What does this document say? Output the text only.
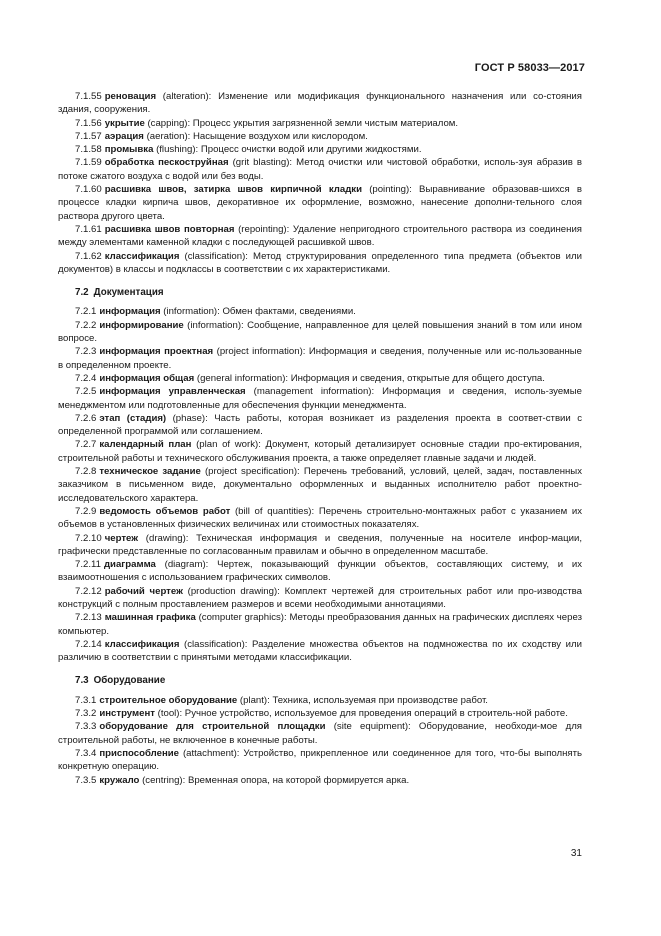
ГОСТ Р 58033—2017

7.1.55 реновация (alteration): Изменение или модификация функционального назначения или со-стояния здания, сооружения.

7.1.56 укрытие (capping): Процесс укрытия загрязненной земли чистым материалом.

7.1.57 аэрация (aeration): Насыщение воздухом или кислородом.

7.1.58 промывка (flushing): Процесс очистки водой или другими жидкостями.

7.1.59 обработка пескоструйная (grit blasting): Метод очистки или чистовой обработки, исполь-зуя абразив в потоке сжатого воздуха с водой или без воды.

7.1.60 расшивка швов, затирка швов кирпичной кладки (pointing): Выравнивание образовав-шихся в процессе кладки кирпича швов, декоративное их оформление, возможно, нанесение дополни-тельного слоя раствора другого цвета.

7.1.61 расшивка швов повторная (repointing): Удаление непригодного строительного раствора из соединения между элементами каменной кладки с последующей расшивкой швов.

7.1.62 классификация (classification): Метод структурирования определенного типа предмета (объектов или документов) в классы и подклассы в соответствии с их характеристиками.

7.2 Документация

7.2.1 информация (information): Обмен фактами, сведениями.

7.2.2 информирование (information): Сообщение, направленное для целей повышения знаний в том или ином вопросе.

7.2.3 информация проектная (project information): Информация и сведения, полученные или ис-пользованные в определенном проекте.

7.2.4 информация общая (general information): Информация и сведения, открытые для общего доступа.

7.2.5 информация управленческая (management information): Информация и сведения, исполь-зуемые менеджментом или подготовленные для обеспечения функции менеджмента.

7.2.6 этап (стадия) (phase): Часть работы, которая возникает из разделения проекта в соответ-ствии с определенной программой или соглашением.

7.2.7 календарный план (plan of work): Документ, который детализирует основные стадии про-ектирования, строительной работы и технического обслуживания проекта, а также определяет главные задачи и людей.

7.2.8 техническое задание (project specification): Перечень требований, условий, целей, задач, поставленных заказчиком в письменном виде, документально оформленных и выданных исполнителю работ проектно-исследовательского характера.

7.2.9 ведомость объемов работ (bill of quantities): Перечень строительно-монтажных работ с указанием их объемов в установленных физических величинах или стоимостных показателях.

7.2.10 чертеж (drawing): Техническая информация и сведения, полученные на носителе инфор-мации, графически представленные по согласованным правилам и обычно в определенном масштабе.

7.2.11 диаграмма (diagram): Чертеж, показывающий функции объектов, составляющих систему, и их взаимоотношения с использованием графических символов.

7.2.12 рабочий чертеж (production drawing): Комплект чертежей для строительных работ или про-изводства конструкций с полным проставлением размеров и всеми необходимыми аннотациями.

7.2.13 машинная графика (computer graphics): Методы преобразования данных на графических дисплеях через компьютер.

7.2.14 классификация (classification): Разделение множества объектов на подмножества по их сходству или различию в соответствии с принятыми методами классификации.

7.3 Оборудование

7.3.1 строительное оборудование (plant): Техника, используемая при производстве работ.

7.3.2 инструмент (tool): Ручное устройство, используемое для проведения операций в строитель-ной работе.

7.3.3 оборудование для строительной площадки (site equipment): Оборудование, необходи-мое для строительной работы, не включенное в конечные работы.

7.3.4 приспособление (attachment): Устройство, прикрепленное или соединенное для того, что-бы выполнять конкретную операцию.

7.3.5 кружало (centring): Временная опора, на которой формируется арка.

31
